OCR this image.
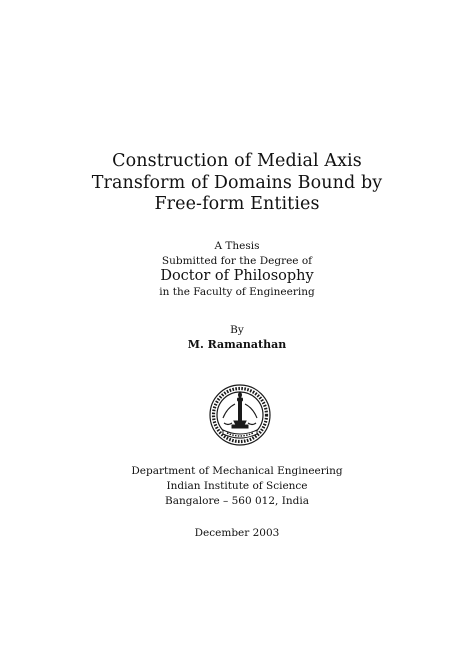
Construction of Medial Axis
Transform of Domains Bound by
Free-form Entities
A Thesis
Submitted for the Degree of
Doctor of Philosophy
in the Faculty of Engineering
By
M. Ramanathan
Department of Mechanical Engineering
Indian Institute of Science
Bangalore – 560 012, India
December 2003
